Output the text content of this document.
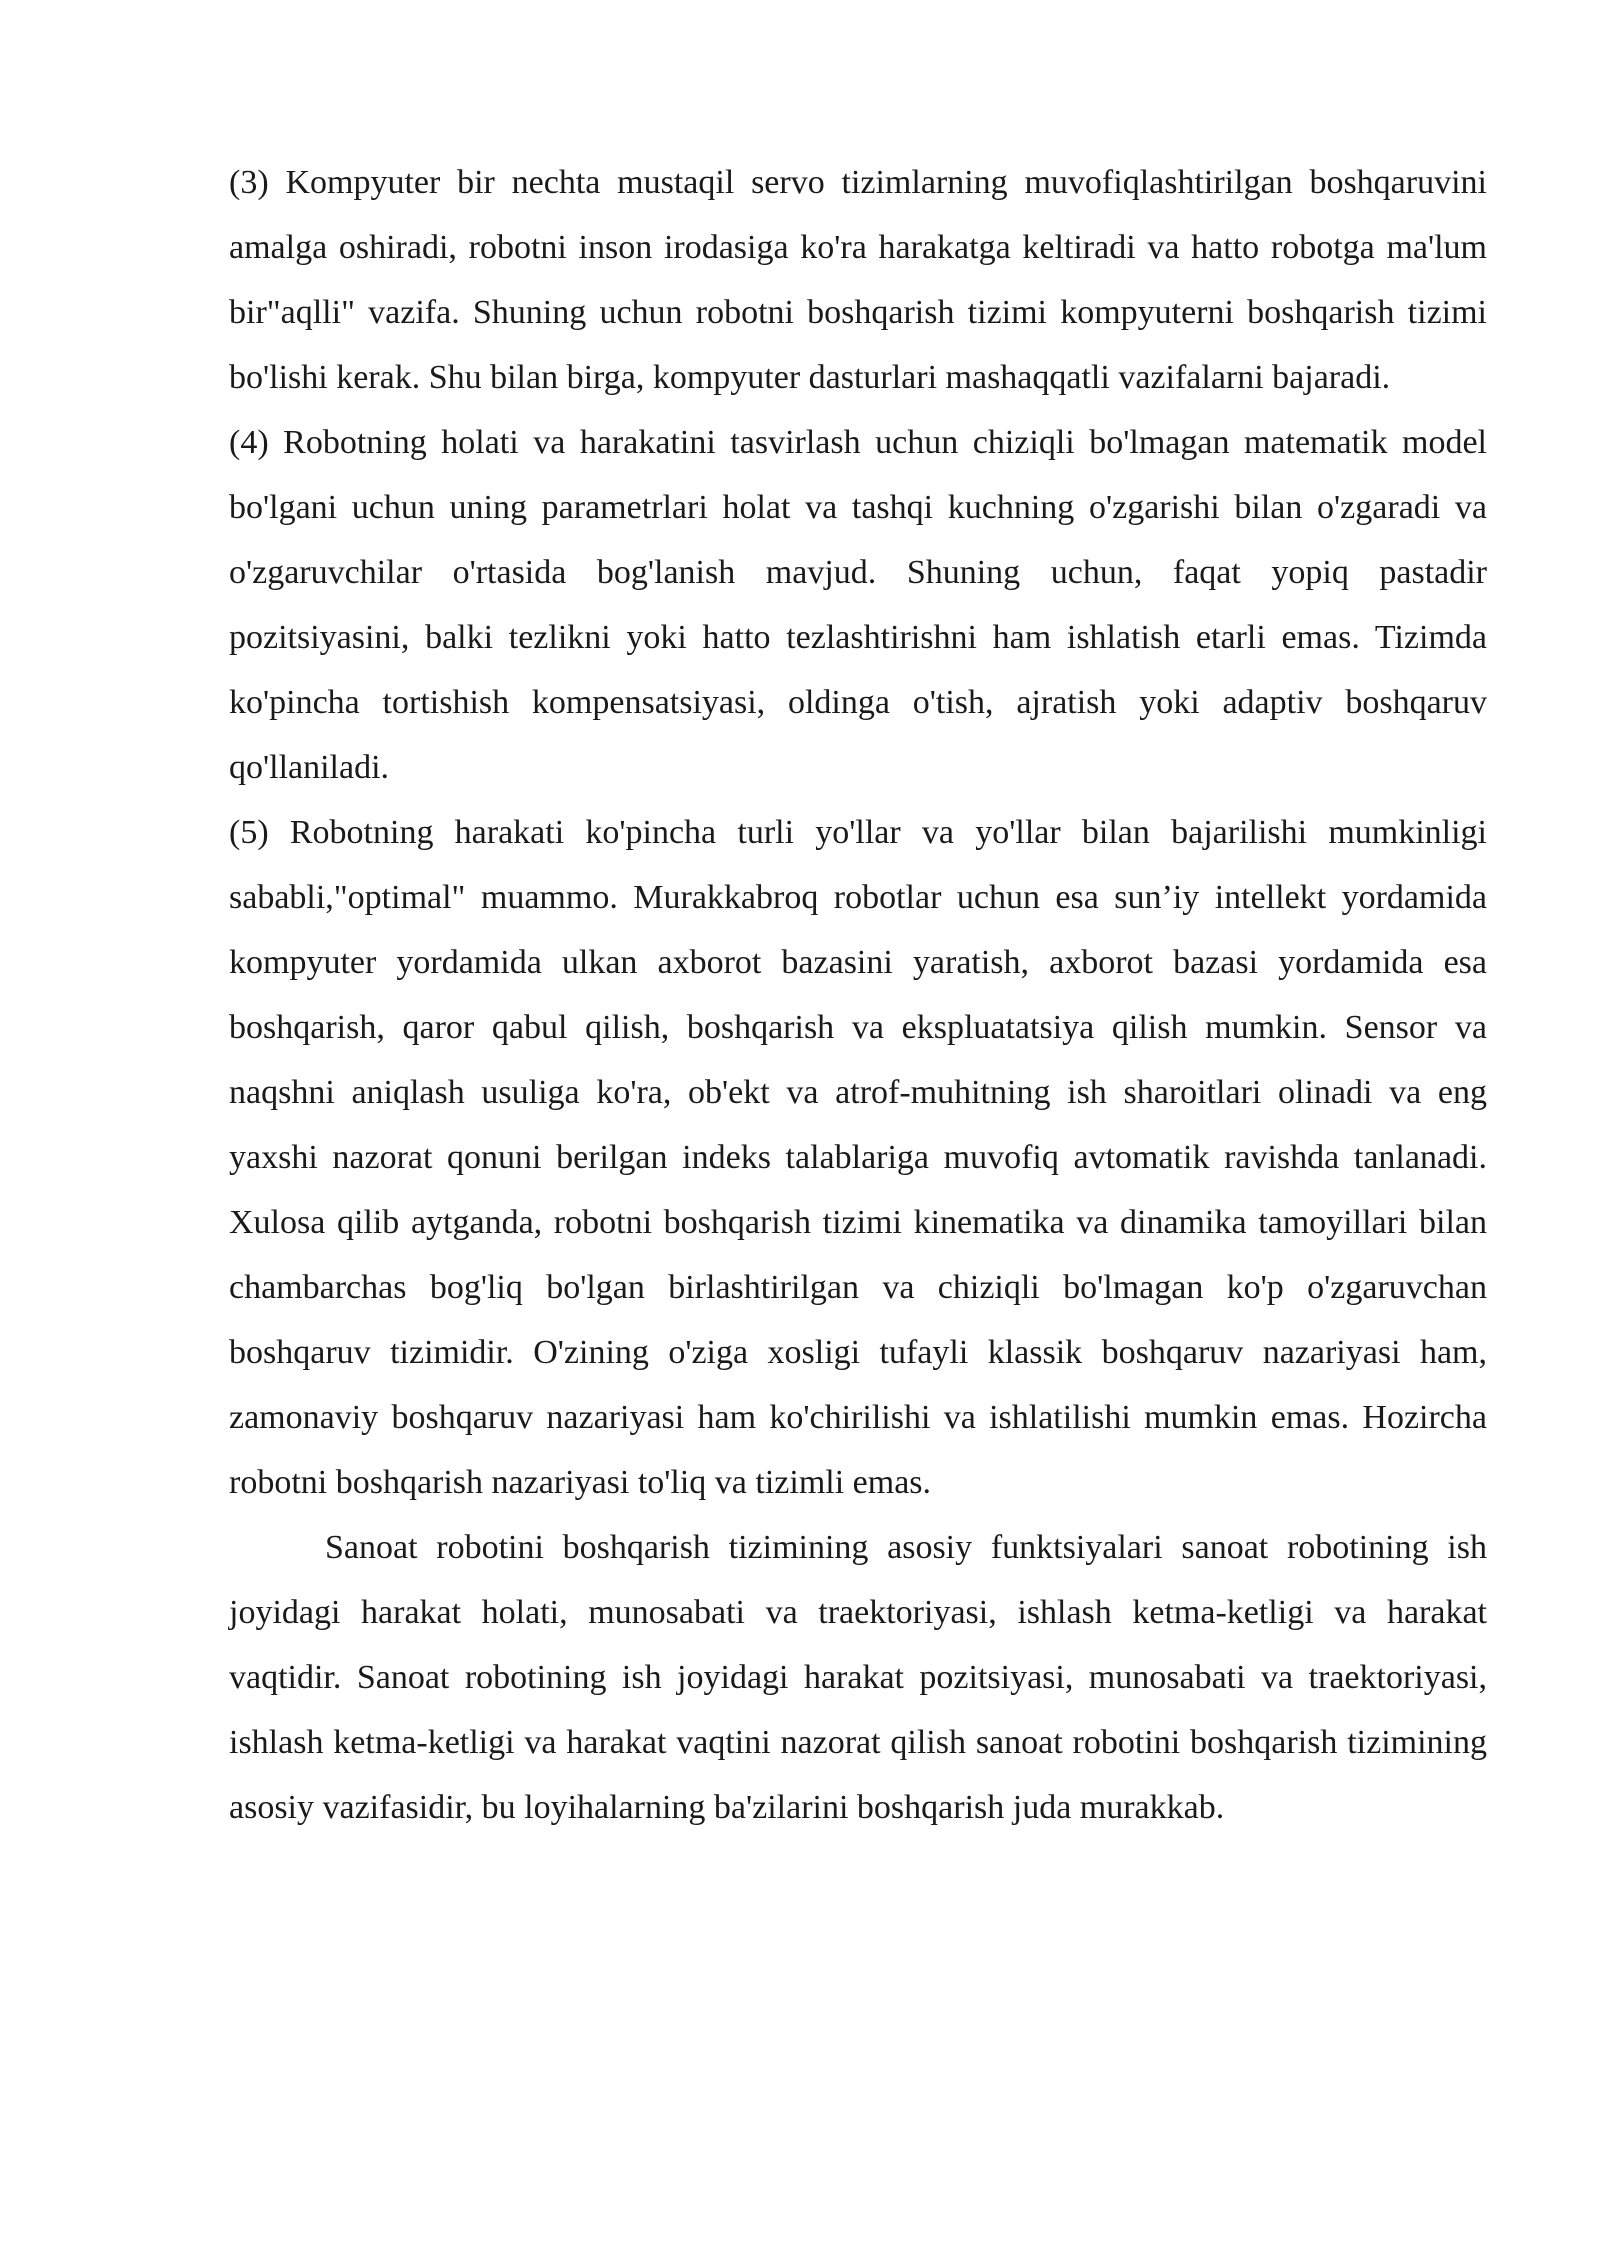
(3) Kompyuter bir nechta mustaqil servo tizimlarning muvofiqlashtirilgan boshqaruvini amalga oshiradi, robotni inson irodasiga ko'ra harakatga keltiradi va hatto robotga ma'lum bir"aqlli" vazifa. Shuning uchun robotni boshqarish tizimi kompyuterni boshqarish tizimi bo'lishi kerak. Shu bilan birga, kompyuter dasturlari mashaqqatli vazifalarni bajaradi.

(4) Robotning holati va harakatini tasvirlash uchun chiziqli bo'lmagan matematik model bo'lgani uchun uning parametrlari holat va tashqi kuchning o'zgarishi bilan o'zgaradi va o'zgaruvchilar o'rtasida bog'lanish mavjud. Shuning uchun, faqat yopiq pastadir pozitsiyasini, balki tezlikni yoki hatto tezlashtirishni ham ishlatish etarli emas. Tizimda ko'pincha tortishish kompensatsiyasi, oldinga o'tish, ajratish yoki adaptiv boshqaruv qo'llaniladi.

(5) Robotning harakati ko'pincha turli yo'llar va yo'llar bilan bajarilishi mumkinligi sababli,"optimal" muammo. Murakkabroq robotlar uchun esa sun’iy intellekt yordamida kompyuter yordamida ulkan axborot bazasini yaratish, axborot bazasi yordamida esa boshqarish, qaror qabul qilish, boshqarish va ekspluatatsiya qilish mumkin. Sensor va naqshni aniqlash usuliga ko'ra, ob'ekt va atrof-muhitning ish sharoitlari olinadi va eng yaxshi nazorat qonuni berilgan indeks talablariga muvofiq avtomatik ravishda tanlanadi. Xulosa qilib aytganda, robotni boshqarish tizimi kinematika va dinamika tamoyillari bilan chambarchas bog'liq bo'lgan birlashtirilgan va chiziqli bo'lmagan ko'p o'zgaruvchan boshqaruv tizimidir. O'zining o'ziga xosligi tufayli klassik boshqaruv nazariyasi ham, zamonaviy boshqaruv nazariyasi ham ko'chirilishi va ishlatilishi mumkin emas. Hozircha robotni boshqarish nazariyasi to'liq va tizimli emas.

Sanoat robotini boshqarish tizimining asosiy funktsiyalari sanoat robotining ish joyidagi harakat holati, munosabati va traektoriyasi, ishlash ketma-ketligi va harakat vaqtidir. Sanoat robotining ish joyidagi harakat pozitsiyasi, munosabati va traektoriyasi, ishlash ketma-ketligi va harakat vaqtini nazorat qilish sanoat robotini boshqarish tizimining asosiy vazifasidir, bu loyihalarning ba'zilarini boshqarish juda murakkab.
